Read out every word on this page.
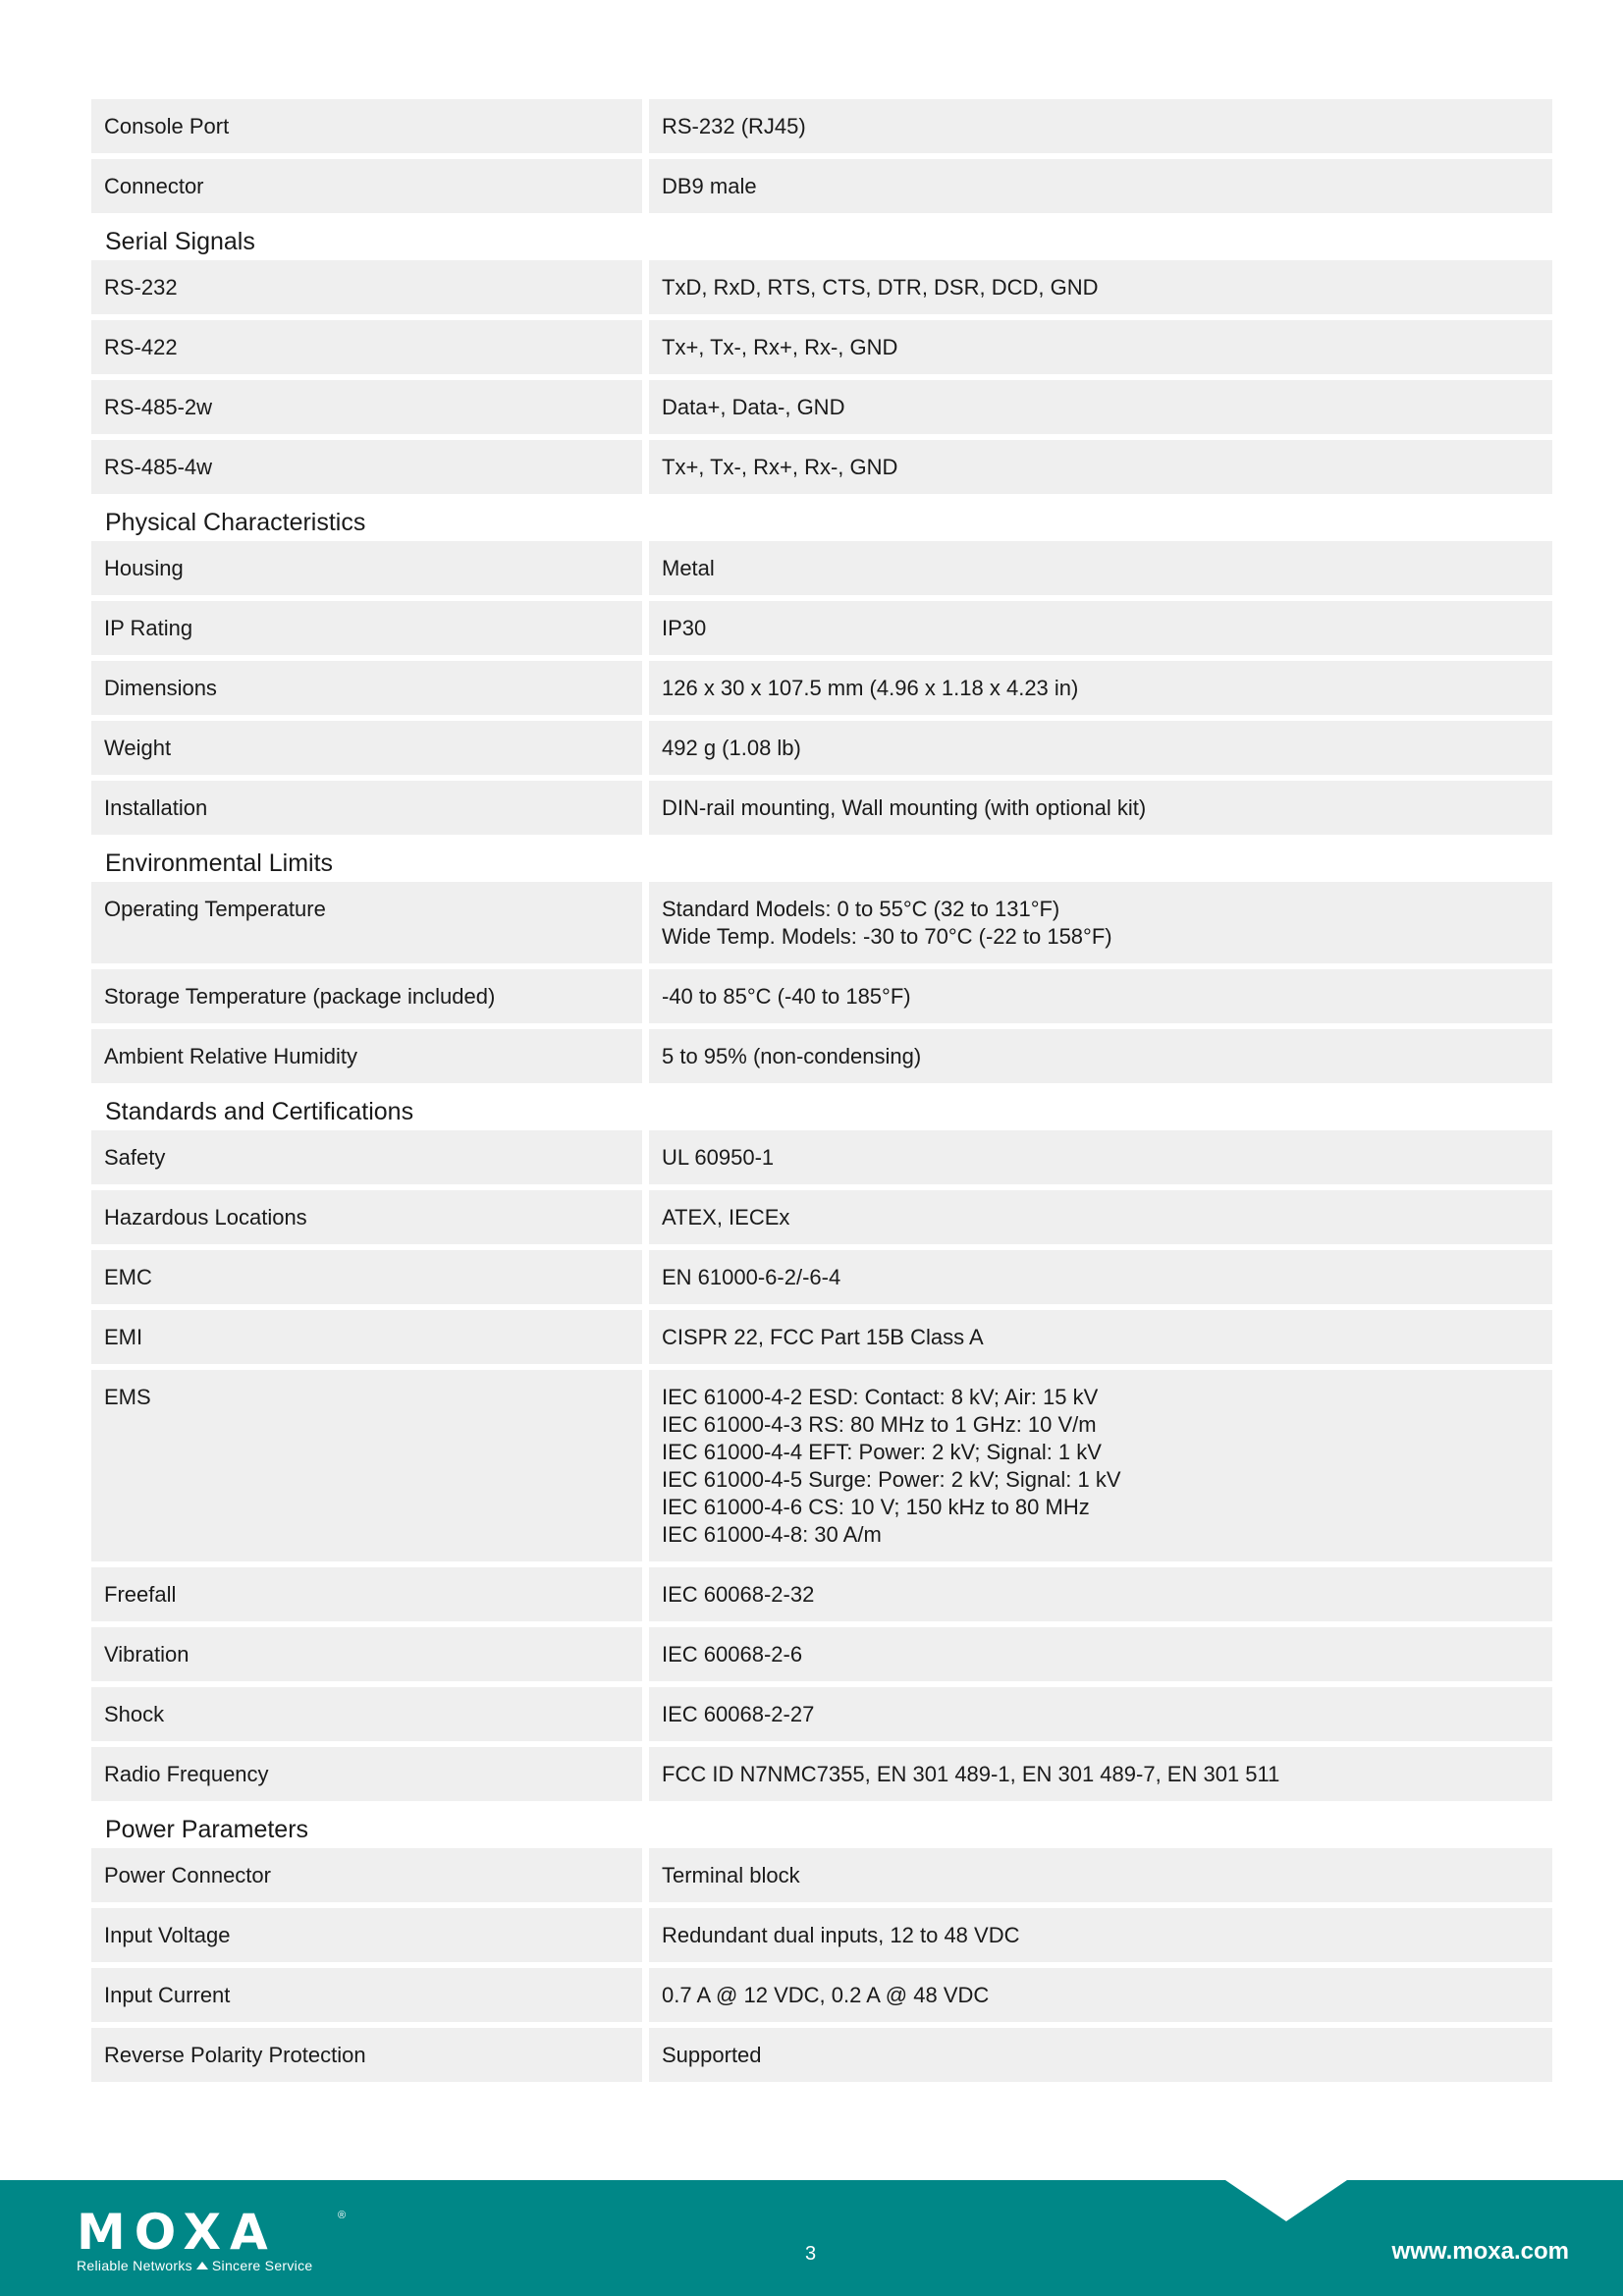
Console Port	RS-232 (RJ45)
Connector	DB9 male
Serial Signals
RS-232	TxD, RxD, RTS, CTS, DTR, DSR, DCD, GND
RS-422	Tx+, Tx-, Rx+, Rx-, GND
RS-485-2w	Data+, Data-, GND
RS-485-4w	Tx+, Tx-, Rx+, Rx-, GND
Physical Characteristics
Housing	Metal
IP Rating	IP30
Dimensions	126 x 30 x 107.5 mm (4.96 x 1.18 x 4.23 in)
Weight	492 g (1.08 lb)
Installation	DIN-rail mounting, Wall mounting (with optional kit)
Environmental Limits
Operating Temperature	Standard Models: 0 to 55°C (32 to 131°F)
Wide Temp. Models: -30 to 70°C (-22 to 158°F)
Storage Temperature (package included)	-40 to 85°C (-40 to 185°F)
Ambient Relative Humidity	5 to 95% (non-condensing)
Standards and Certifications
Safety	UL 60950-1
Hazardous Locations	ATEX, IECEx
EMC	EN 61000-6-2/-6-4
EMI	CISPR 22, FCC Part 15B Class A
EMS	IEC 61000-4-2 ESD: Contact: 8 kV; Air: 15 kV
IEC 61000-4-3 RS: 80 MHz to 1 GHz: 10 V/m
IEC 61000-4-4 EFT: Power: 2 kV; Signal: 1 kV
IEC 61000-4-5 Surge: Power: 2 kV; Signal: 1 kV
IEC 61000-4-6 CS: 10 V; 150 kHz to 80 MHz
IEC 61000-4-8: 30 A/m
Freefall	IEC 60068-2-32
Vibration	IEC 60068-2-6
Shock	IEC 60068-2-27
Radio Frequency	FCC ID N7NMC7355, EN 301 489-1, EN 301 489-7, EN 301 511
Power Parameters
Power Connector	Terminal block
Input Voltage	Redundant dual inputs, 12 to 48 VDC
Input Current	0.7 A @ 12 VDC, 0.2 A @ 48 VDC
Reverse Polarity Protection	Supported
MOXA	®
Reliable Networks Sincere Service
3	www.moxa.com
